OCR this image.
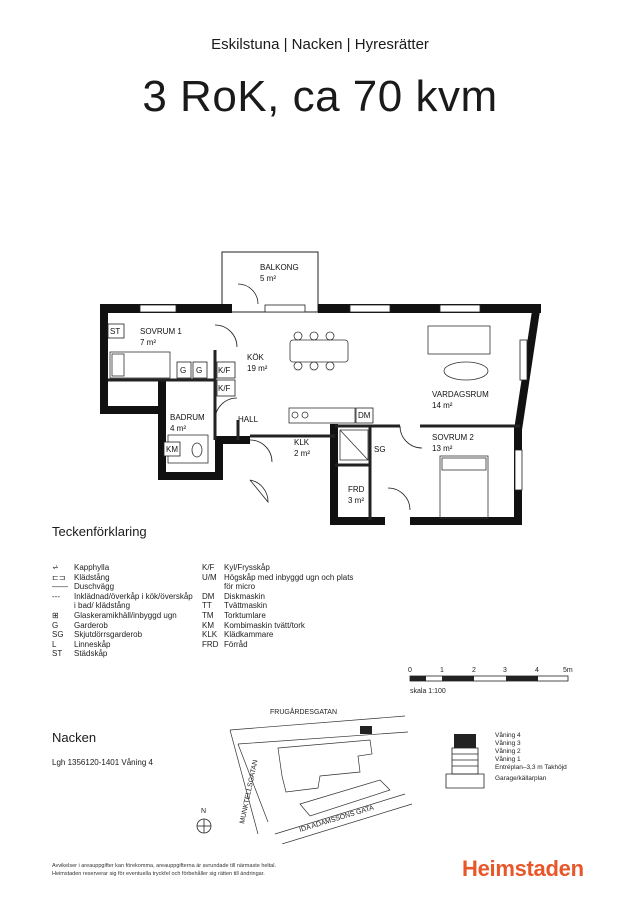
Eskilstuna | Nacken | Hyresrätter
3 RoK, ca 70 kvm
BALKONG
5 m²
SOVRUM 1
7 m²
KÖK
19 m²
VARDAGSRUM
14 m²
BADRUM
4 m²
HALL
KLK
2 m²
SOVRUM 2
13 m²
FRD
3 m²
ST
G G K/F
K/F
DM
KM	SG
Teckenförklaring
⩫	Kapphylla
⊏⊐	Klädstång
—— Duschvägg
---	Inklädnad/överkåp i kök/överskåp i bad/ klädstång
⊞	Glaskeramikhäll/inbyggd ugn
G	Garderob
SG	Skjutdörrsgarderob
L	Linneskåp
ST	Städskåp
K/F	Kyl/Frysskåp
U/M Högskåp med inbyggd ugn och plats för micro
DM	Diskmaskin
TT	Tvättmaskin
TM	Torktumlare
KM	Kombimaskin tvätt/tork
KLK Klädkammare
FRD Förråd
0	1	2	3	4	5m
skala 1:100
Nacken
Lgh 1356120-1401 Våning 4
FRUGÅRDESGATAN
MUNKTELLSGATAN	IDA ADAMSSONS GATA
N
Våning 4
Våning 3
Våning 2
Våning 1
Entréplan–3,3 m Takhöjd
Garage/källarplan
Avvikelser i areauppgifter kan förekomma, areauppgifterna är avrundade till närmaste heltal.
Heimstaden reserverar sig för eventuella tryckfel och förbehåller sig rätten till ändringar.	Heimstaden
